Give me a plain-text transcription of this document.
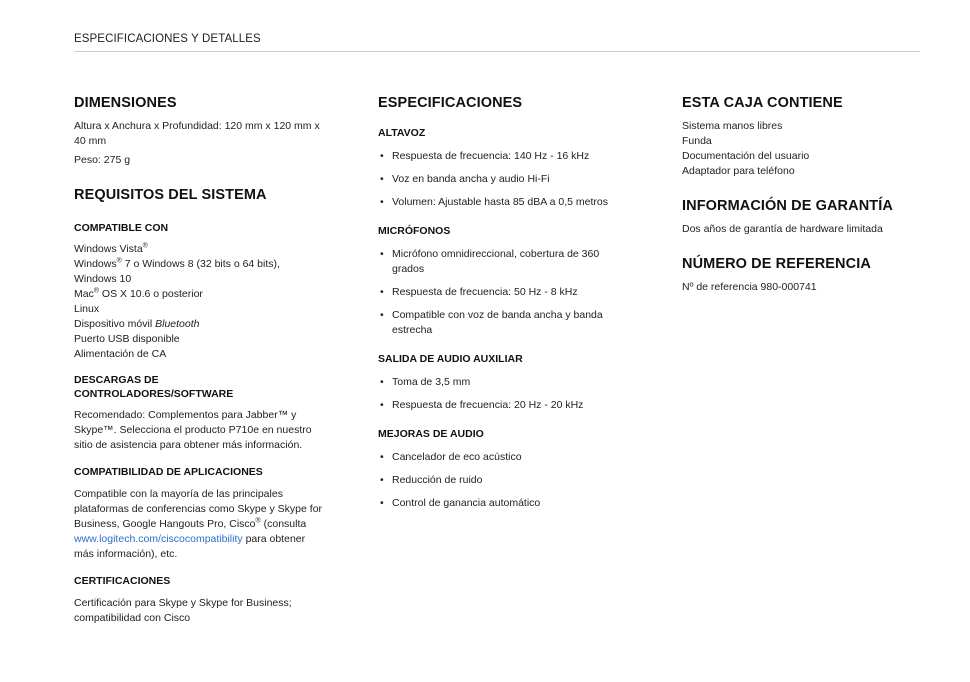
ESPECIFICACIONES Y DETALLES
DIMENSIONES

Altura x Anchura x Profundidad: 120 mm x 120 mm x 40 mm

Peso: 275 g

REQUISITOS DEL SISTEMA
COMPATIBLE CON
Windows Vista®
Windows® 7 o Windows 8 (32 bits o 64 bits),
Windows 10
Mac® OS X 10.6 o posterior
Linux
Dispositivo móvil Bluetooth
Puerto USB disponible
Alimentación de CA
DESCARGAS DE CONTROLADORES/SOFTWARE

Recomendado: Complementos para Jabber™ y Skype™. Selecciona el producto P710e en nuestro sitio de asistencia para obtener más información.

COMPATIBILIDAD DE APLICACIONES

Compatible con la mayoría de las principales plataformas de conferencias como Skype y Skype for Business, Google Hangouts Pro, Cisco® (consulta www.logitech.com/ciscocompatibility para obtener más información), etc.

CERTIFICACIONES

Certificación para Skype y Skype for Business; compatibilidad con Cisco

ESPECIFICACIONES
ALTAVOZ
• Respuesta de frecuencia: 140 Hz - 16 kHz
• Voz en banda ancha y audio Hi-Fi
• Volumen: Ajustable hasta 85 dBA a 0,5 metros
MICRÓFONOS
• Micrófono omnidireccional, cobertura de 360 grados
• Respuesta de frecuencia: 50 Hz - 8 kHz
• Compatible con voz de banda ancha y banda estrecha
SALIDA DE AUDIO AUXILIAR
• Toma de 3,5 mm
• Respuesta de frecuencia: 20 Hz - 20 kHz
MEJORAS DE AUDIO
• Cancelador de eco acústico
• Reducción de ruido
• Control de ganancia automático
ESTA CAJA CONTIENE
Sistema manos libres
Funda
Documentación del usuario
Adaptador para teléfono
INFORMACIÓN DE GARANTÍA

Dos años de garantía de hardware limitada

NÚMERO DE REFERENCIA

Nº de referencia 980-000741
